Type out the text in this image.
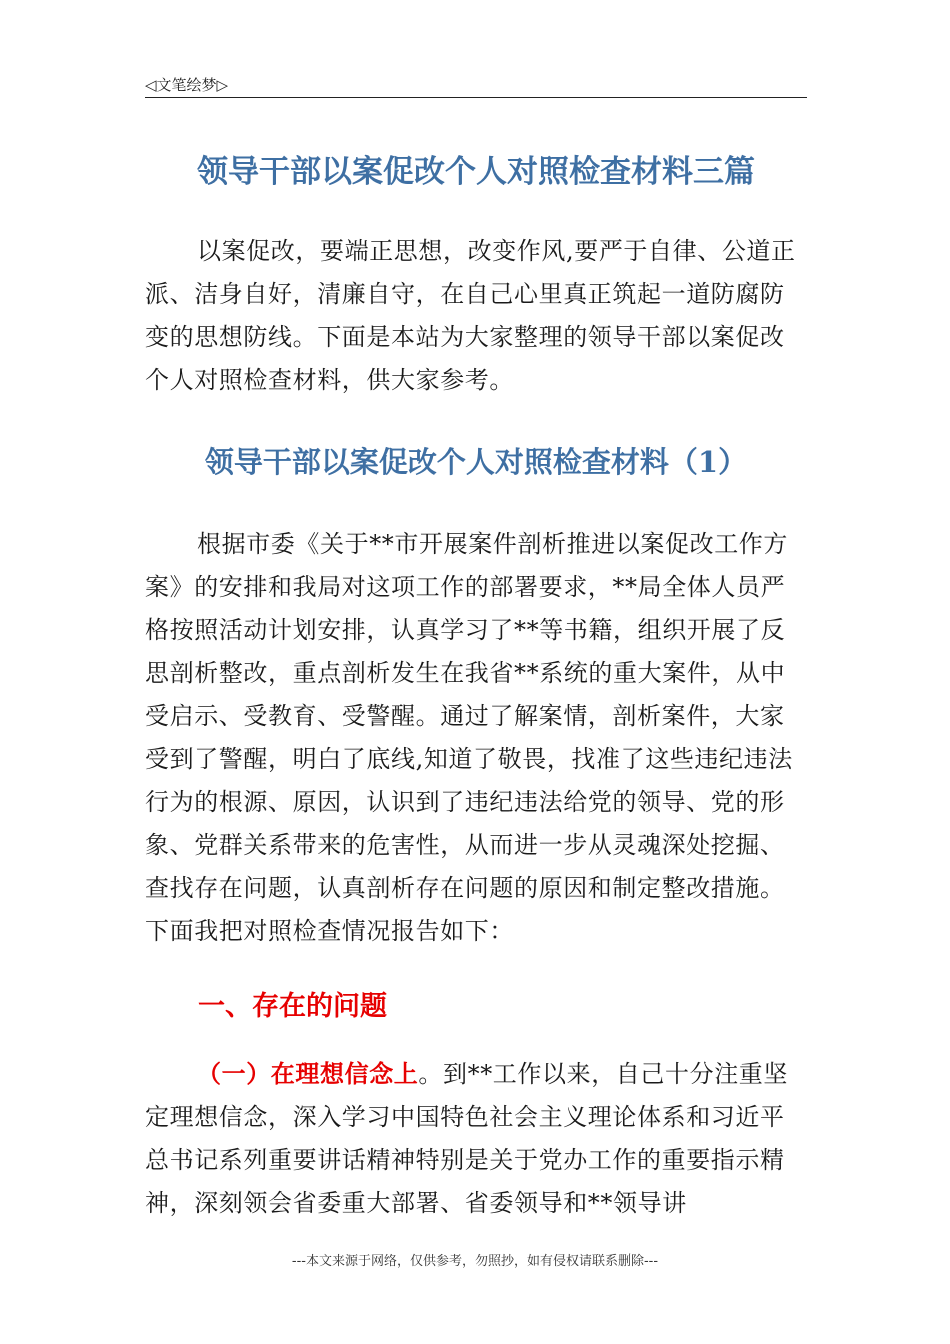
◁文笔绘梦▷
领导干部以案促改个人对照检查材料三篇

以案促改，要端正思想，改变作风,要严于自律、公道正派、洁身自好，清廉自守，在自己心里真正筑起一道防腐防变的思想防线。下面是本站为大家整理的领导干部以案促改个人对照检查材料，供大家参考。

领导干部以案促改个人对照检查材料（1）

根据市委《关于**市开展案件剖析推进以案促改工作方案》的安排和我局对这项工作的部署要求，**局全体人员严格按照活动计划安排，认真学习了**等书籍，组织开展了反思剖析整改，重点剖析发生在我省**系统的重大案件，从中受启示、受教育、受警醒。通过了解案情，剖析案件，大家受到了警醒，明白了底线,知道了敬畏，找准了这些违纪违法行为的根源、原因，认识到了违纪违法给党的领导、党的形象、党群关系带来的危害性，从而进一步从灵魂深处挖掘、查找存在问题，认真剖析存在问题的原因和制定整改措施。下面我把对照检查情况报告如下：

一、存在的问题

（一）在理想信念上。到**工作以来，自己十分注重坚定理想信念，深入学习中国特色社会主义理论体系和习近平总书记系列重要讲话精神特别是关于党办工作的重要指示精神，深刻领会省委重大部署、省委领导和**领导讲

---本文来源于网络，仅供参考，勿照抄，如有侵权请联系删除---
